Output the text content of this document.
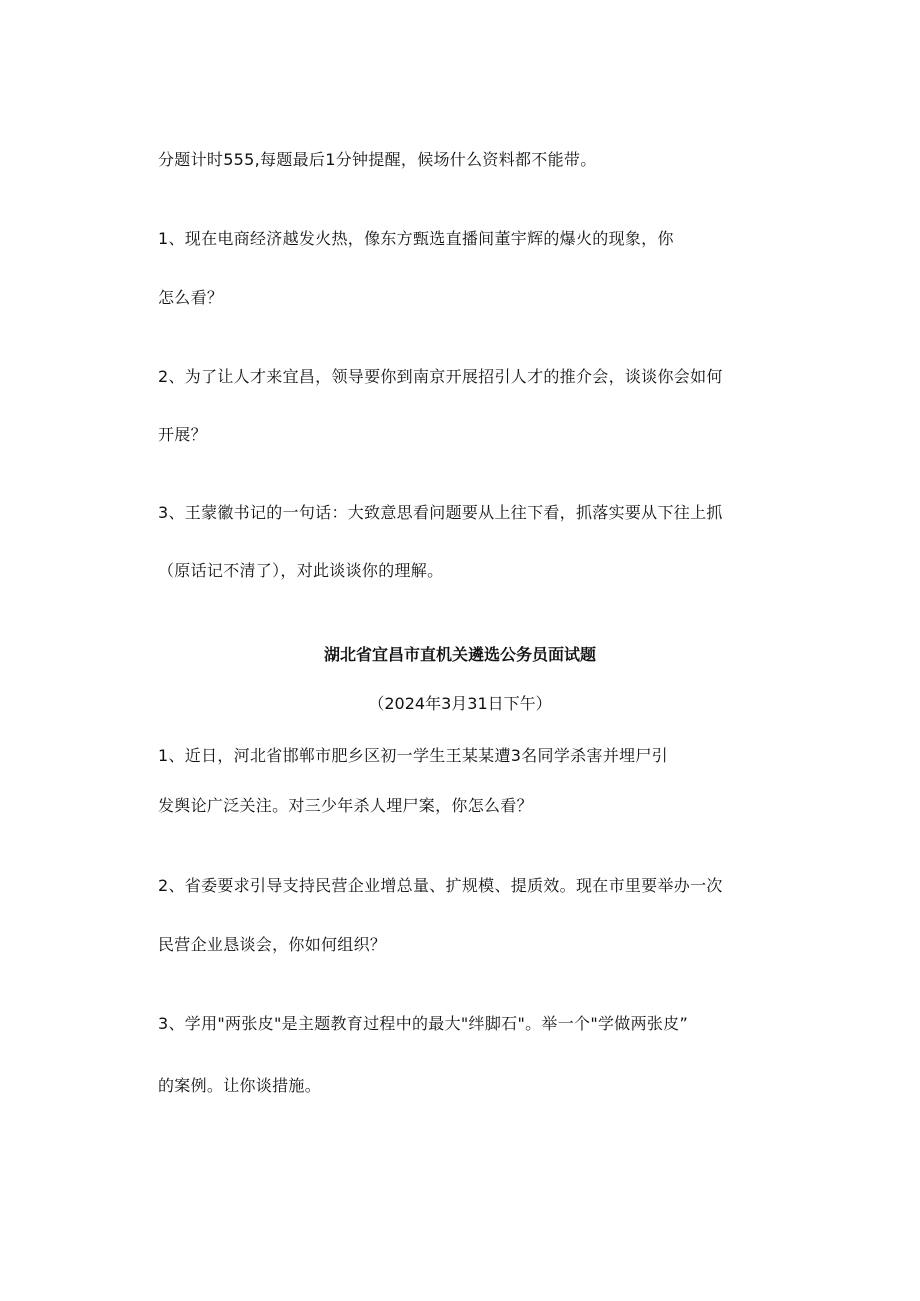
分题计时555,每题最后1分钟提醒，候场什么资料都不能带。
1、现在电商经济越发火热，像东方甄选直播间董宇辉的爆火的现象，你
怎么看？
2、为了让人才来宜昌，领导要你到南京开展招引人才的推介会，谈谈你会如何
开展？
3、王蒙徽书记的一句话：大致意思看问题要从上往下看，抓落实要从下往上抓
（原话记不清了），对此谈谈你的理解。
湖北省宜昌市直机关遴选公务员面试题
（2024年3月31日下午）
1、近日，河北省邯郸市肥乡区初一学生王某某遭3名同学杀害并埋尸引
发舆论广泛关注。对三少年杀人埋尸案，你怎么看？
2、省委要求引导支持民营企业增总量、扩规模、提质效。现在市里要举办一次
民营企业恳谈会，你如何组织？
3、学用"两张皮"是主题教育过程中的最大"绊脚石"。举一个"学做两张皮”
的案例。让你谈措施。
